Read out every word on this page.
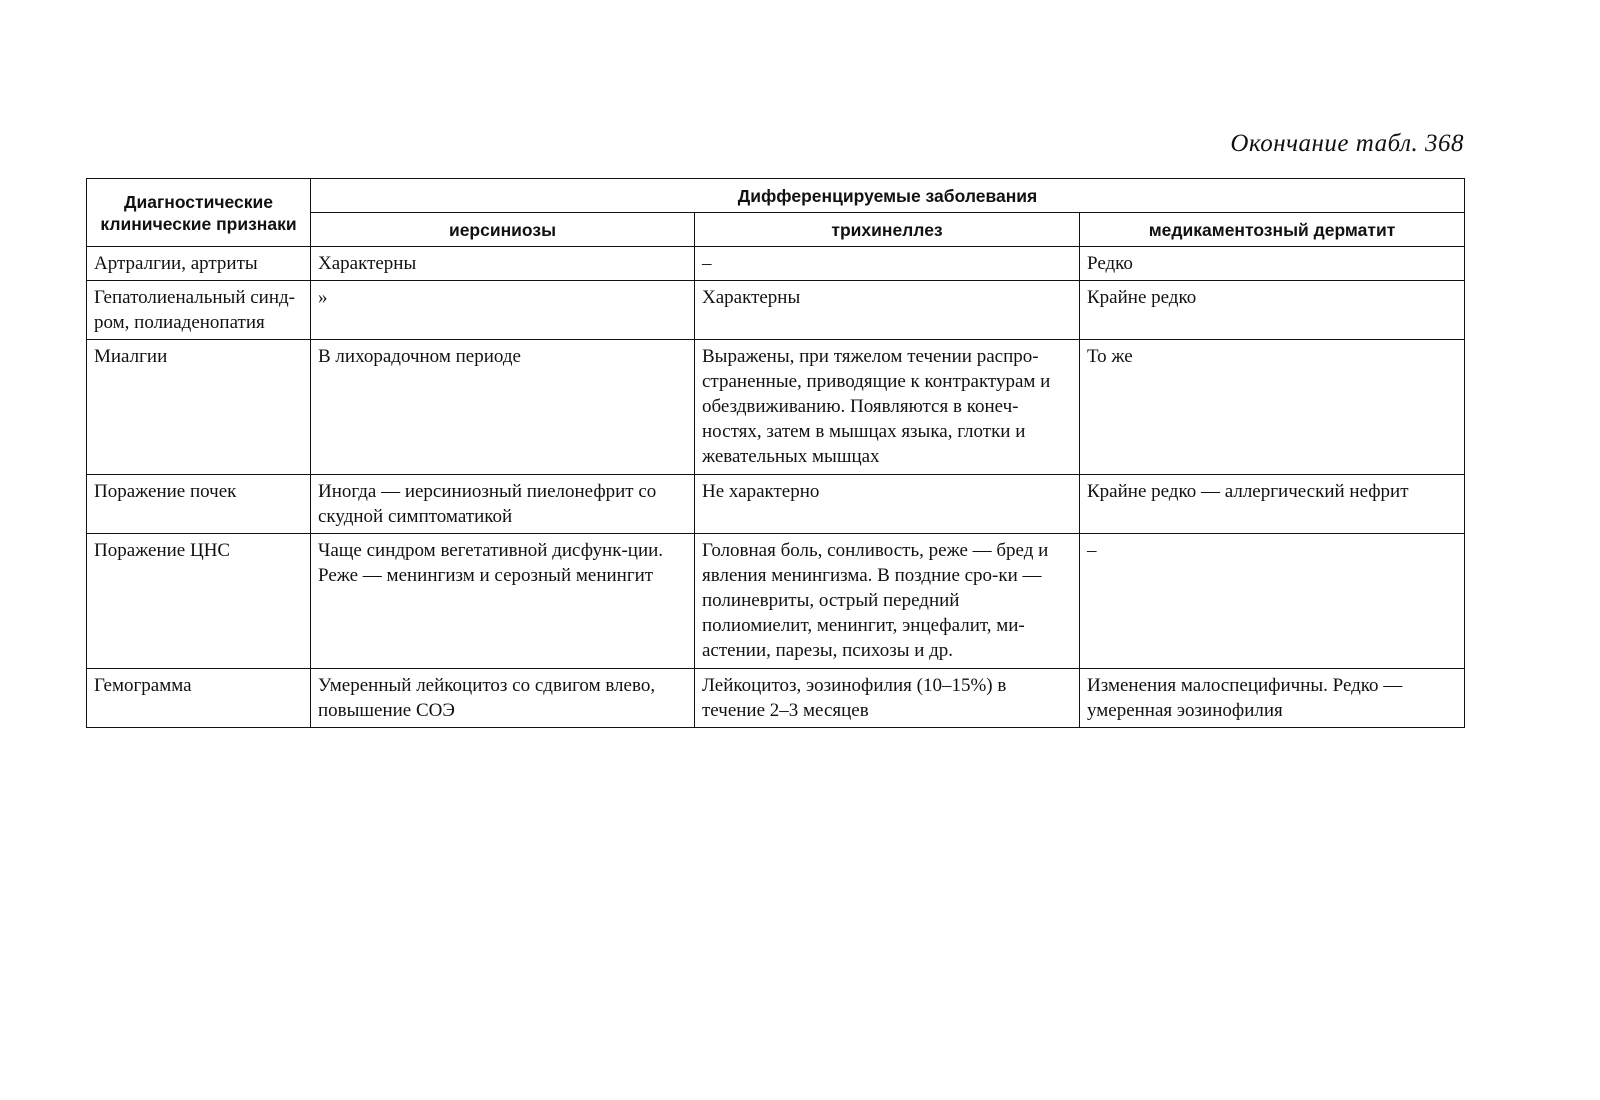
Окончание табл. 368
Диагностические клинические признаки	Дифференцируемые заболевания		
	иерсиниозы	трихинеллез	медикаментозный дерматит
Артралгии, артриты	Характерны	–	Редко
Гепатолиенальный синд-ром, полиаденопатия	»	Характерны	Крайне редко
Миалгии	В лихорадочном периоде	Выражены, при тяжелом течении распро-страненные, приводящие к контрактурам и обездвиживанию. Появляются в конеч-ностях, затем в мышцах языка, глотки и жевательных мышцах	То же
Поражение почек	Иногда — иерсиниозный пиелонефрит со скудной симптоматикой	Не характерно	Крайне редко — аллергический нефрит
Поражение ЦНС	Чаще синдром вегетативной дисфунк-ции. Реже — менингизм и серозный менингит	Головная боль, сонливость, реже — бред и явления менингизма. В поздние сро-ки — полиневриты, острый передний полиомиелит, менингит, энцефалит, ми-астении, парезы, психозы и др.	–
Гемограмма	Умеренный лейкоцитоз со сдвигом влево, повышение СОЭ	Лейкоцитоз, эозинофилия (10–15%) в течение 2–3 месяцев	Изменения малоспецифичны. Редко — умеренная эозинофилия
